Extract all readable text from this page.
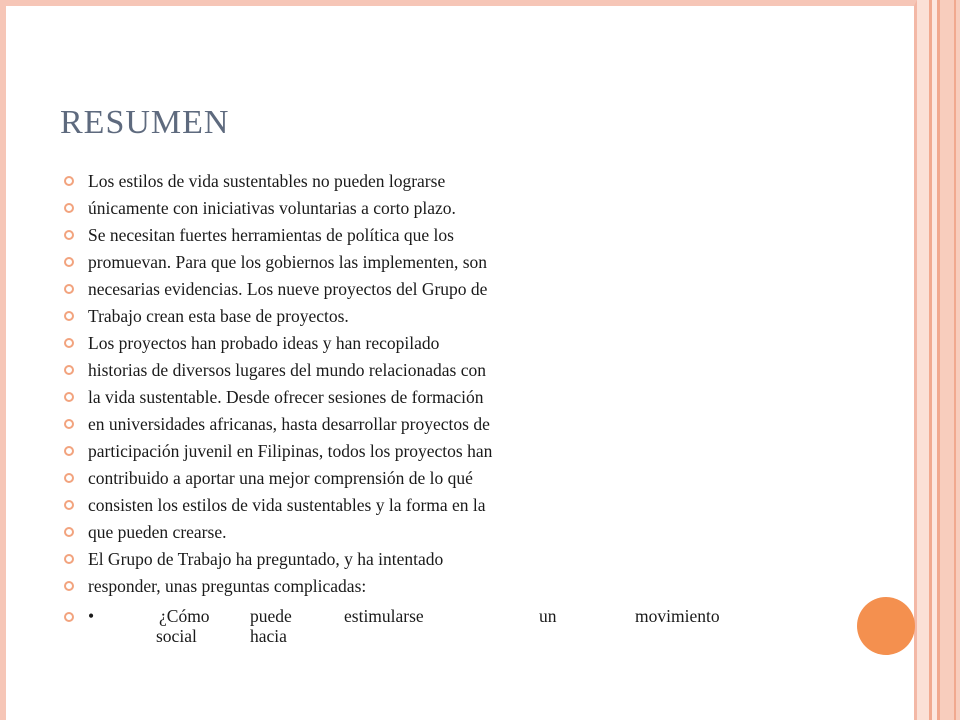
RESUMEN
Los estilos de vida sustentables no pueden lograrse
únicamente con iniciativas voluntarias a corto plazo.
Se necesitan fuertes herramientas de política que los
promuevan. Para que los gobiernos las implementen, son
necesarias evidencias. Los nueve proyectos del Grupo de
Trabajo crean esta base de proyectos.
Los proyectos han probado ideas y han recopilado
historias de diversos lugares del mundo relacionadas con
la vida sustentable. Desde ofrecer sesiones de formación
en universidades africanas, hasta desarrollar proyectos de
participación juvenil en Filipinas, todos los proyectos han
contribuido a aportar una mejor comprensión de lo qué
consisten los estilos de vida sustentables y la forma en la
que pueden crearse.
El Grupo de Trabajo ha preguntado, y ha intentado
responder, unas preguntas complicadas:
•	¿Cómo puede	estimularse	un	movimiento
social	hacia
